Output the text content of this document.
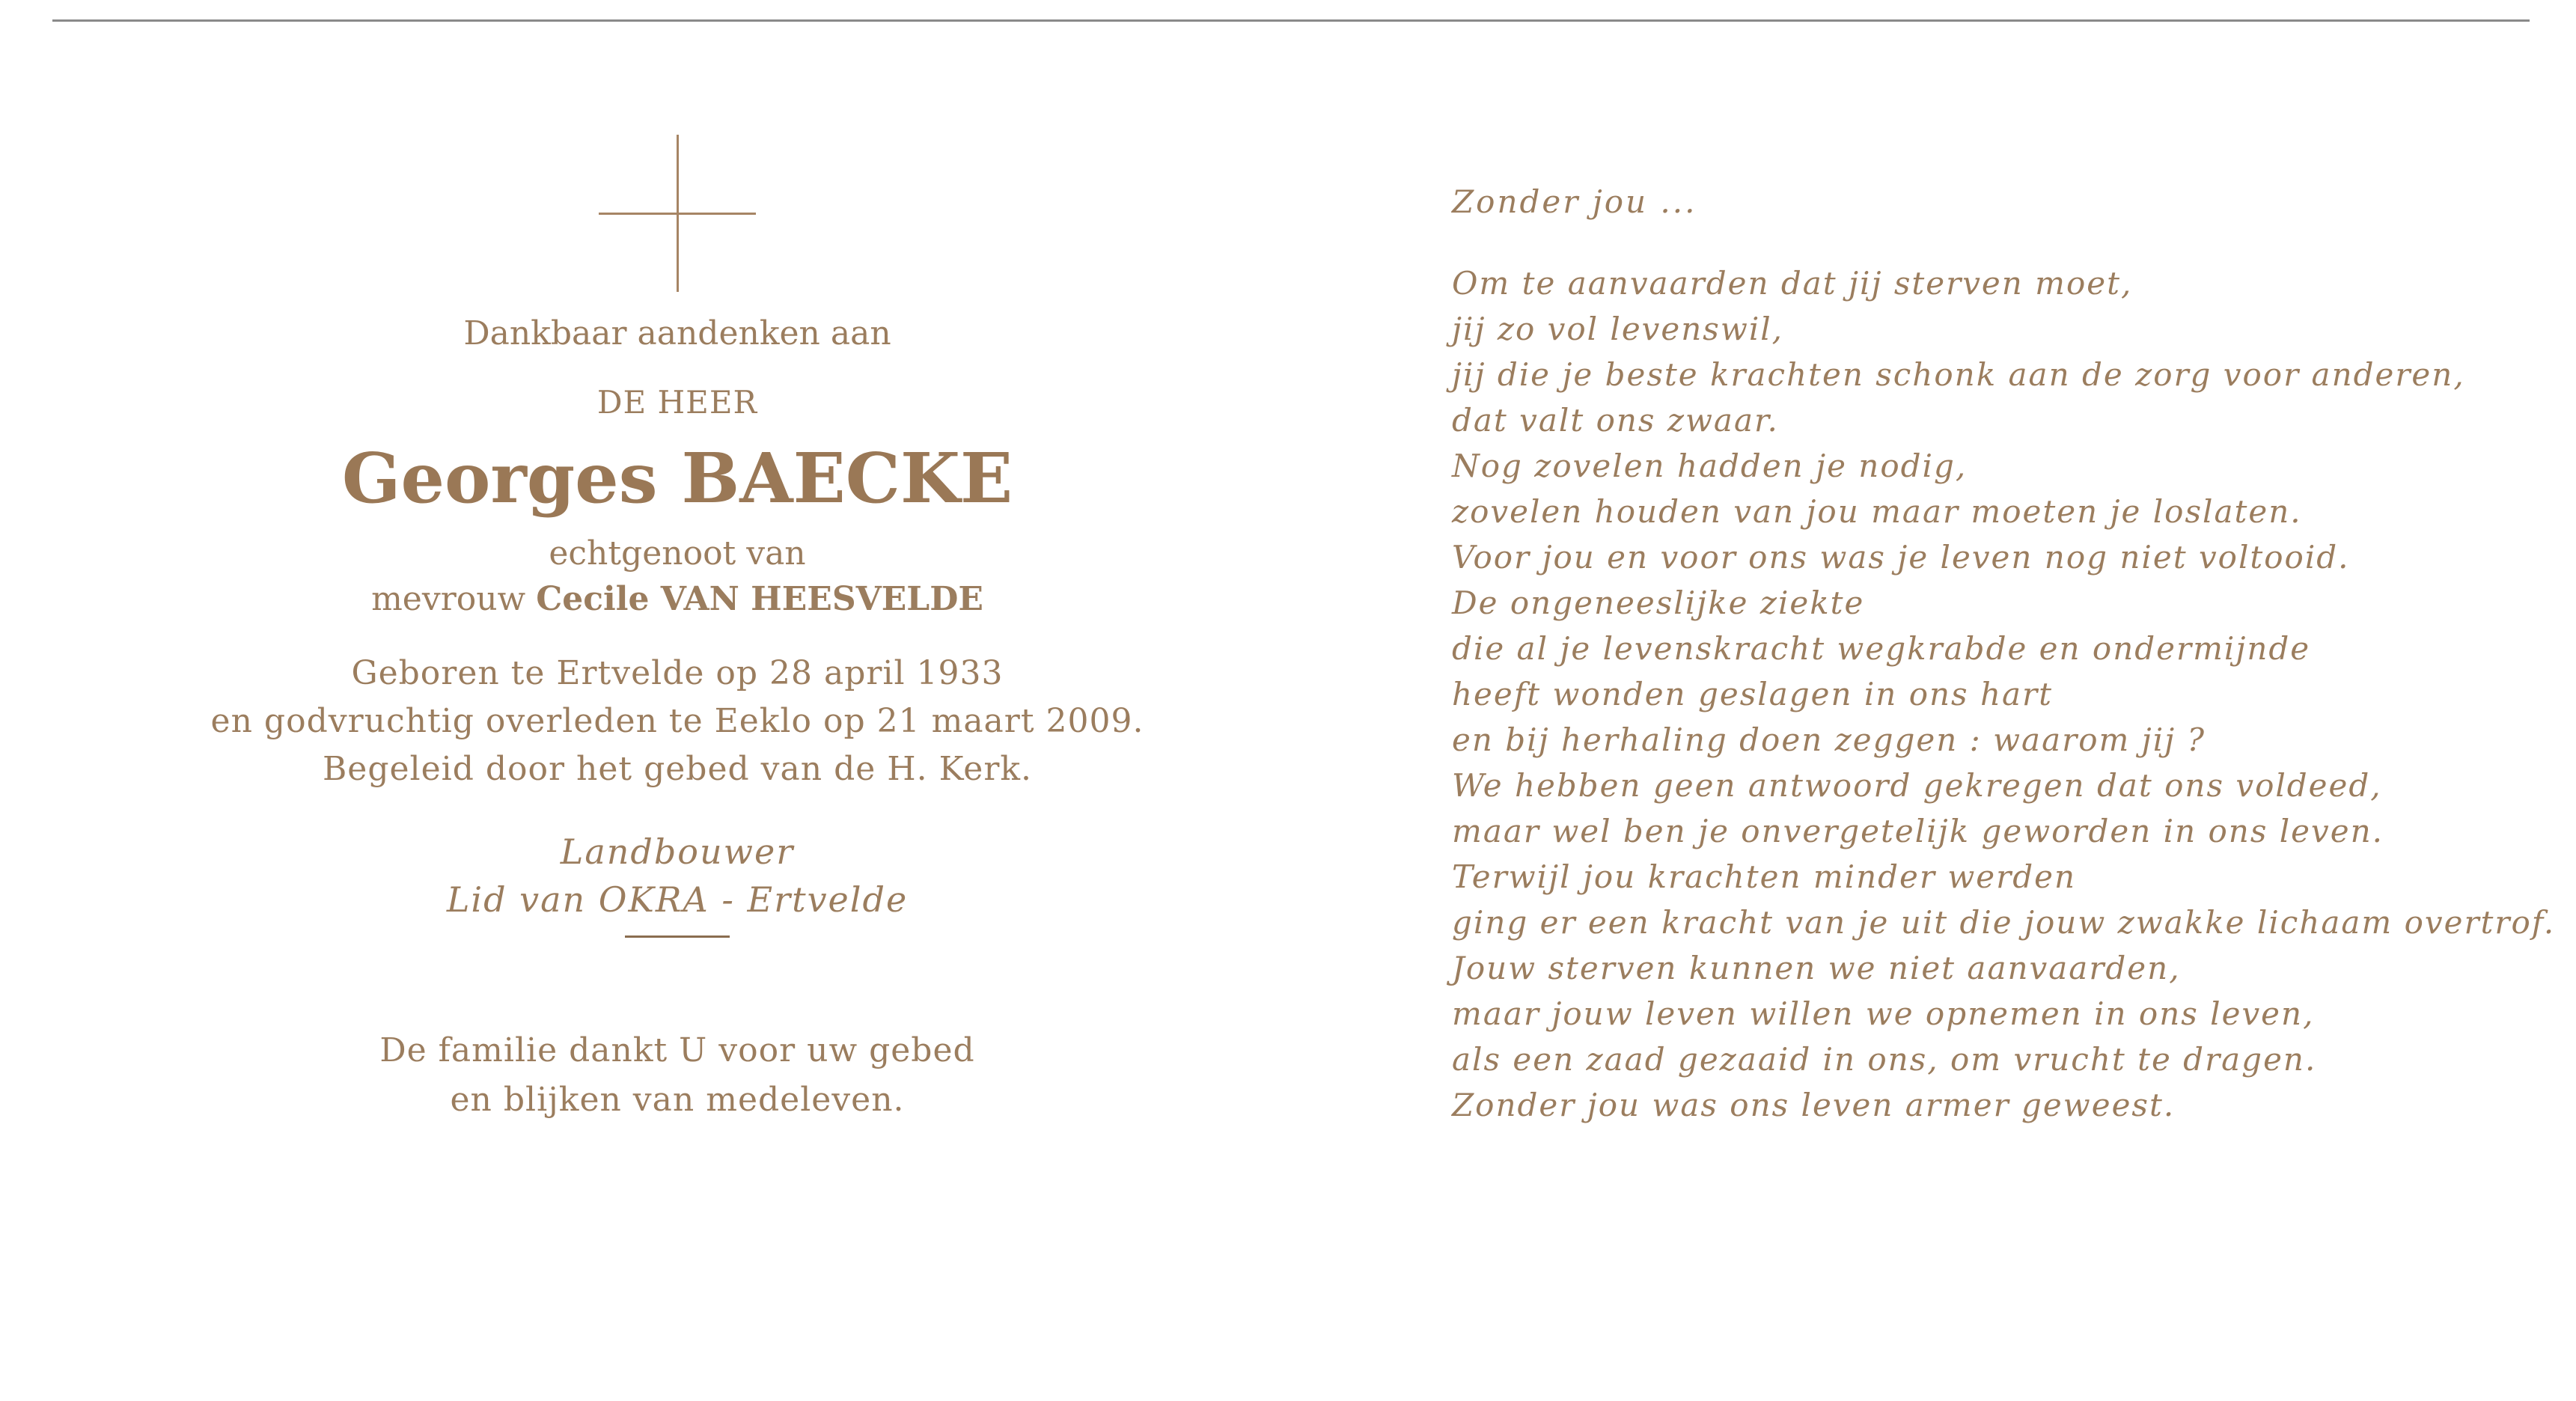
Dankbaar aandenken aan
DE HEER
Georges BAECKE
echtgenoot van
mevrouw Cecile VAN HEESVELDE
Geboren te Ertvelde op 28 april 1933
en godvruchtig overleden te Eeklo op 21 maart 2009.
Begeleid door het gebed van de H. Kerk.
Landbouwer
Lid van OKRA - Ertvelde
De familie dankt U voor uw gebed
en blijken van medeleven.
Zonder jou ...
Om te aanvaarden dat jij sterven moet,
jij zo vol levenswil,
jij die je beste krachten schonk aan de zorg voor anderen,
dat valt ons zwaar.
Nog zovelen hadden je nodig,
zovelen houden van jou maar moeten je loslaten.
Voor jou en voor ons was je leven nog niet voltooid.
De ongeneeslijke ziekte
die al je levenskracht wegkrabde en ondermijnde
heeft wonden geslagen in ons hart
en bij herhaling doen zeggen : waarom jij ?
We hebben geen antwoord gekregen dat ons voldeed,
maar wel ben je onvergetelijk geworden in ons leven.
Terwijl jou krachten minder werden
ging er een kracht van je uit die jouw zwakke lichaam overtrof.
Jouw sterven kunnen we niet aanvaarden,
maar jouw leven willen we opnemen in ons leven,
als een zaad gezaaid in ons, om vrucht te dragen.
Zonder jou was ons leven armer geweest.
